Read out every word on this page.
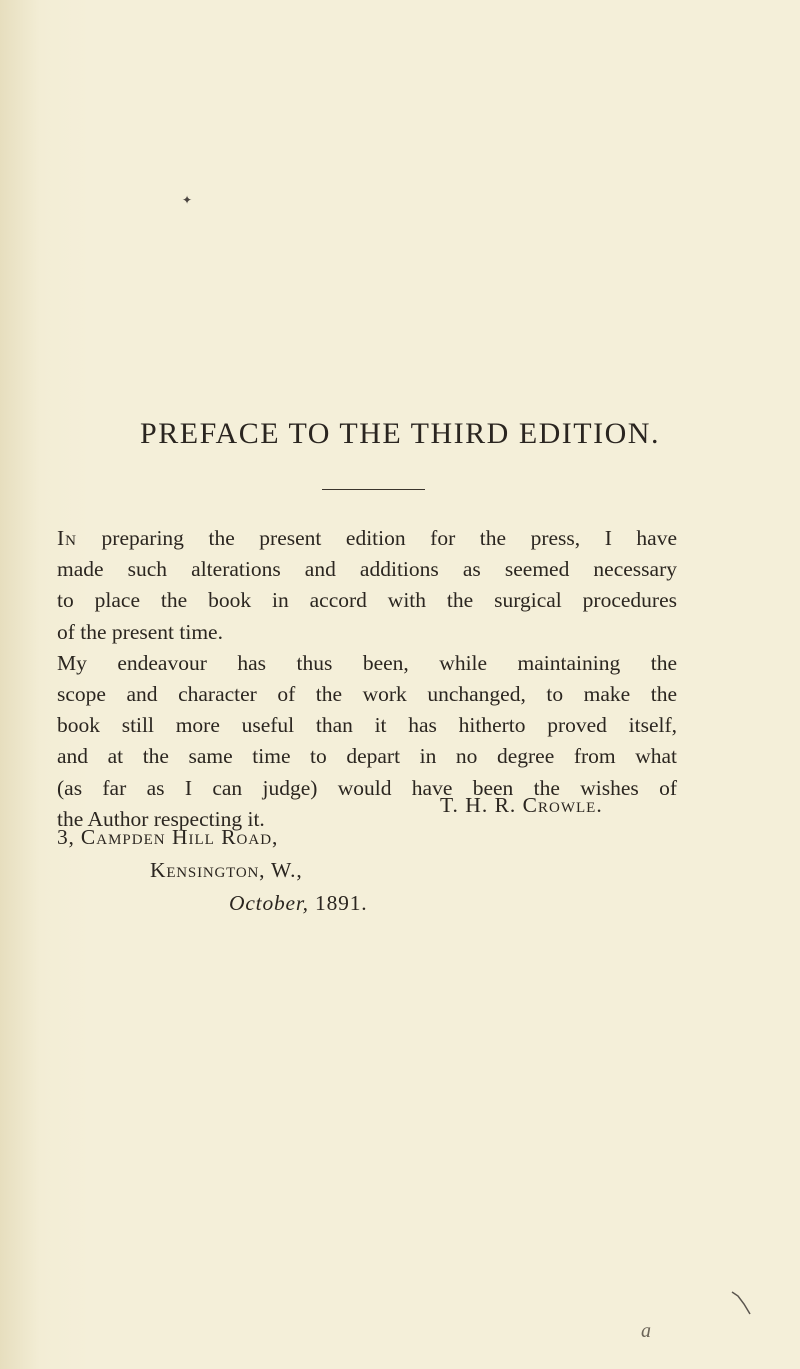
✦
PREFACE TO THE THIRD EDITION.

In preparing the present edition for the press, I have
made such alterations and additions as seemed necessary
to place the book in accord with the surgical procedures
of the present time.

My endeavour has thus been, while maintaining the
scope and character of the work unchanged, to make the
book still more useful than it has hitherto proved itself,
and at the same time to depart in no degree from what
(as far as I can judge) would have been the wishes of
the Author respecting it.

T. H. R. Crowle.
3, Campden Hill Road,
Kensington, W.,
October, 1891.
a
